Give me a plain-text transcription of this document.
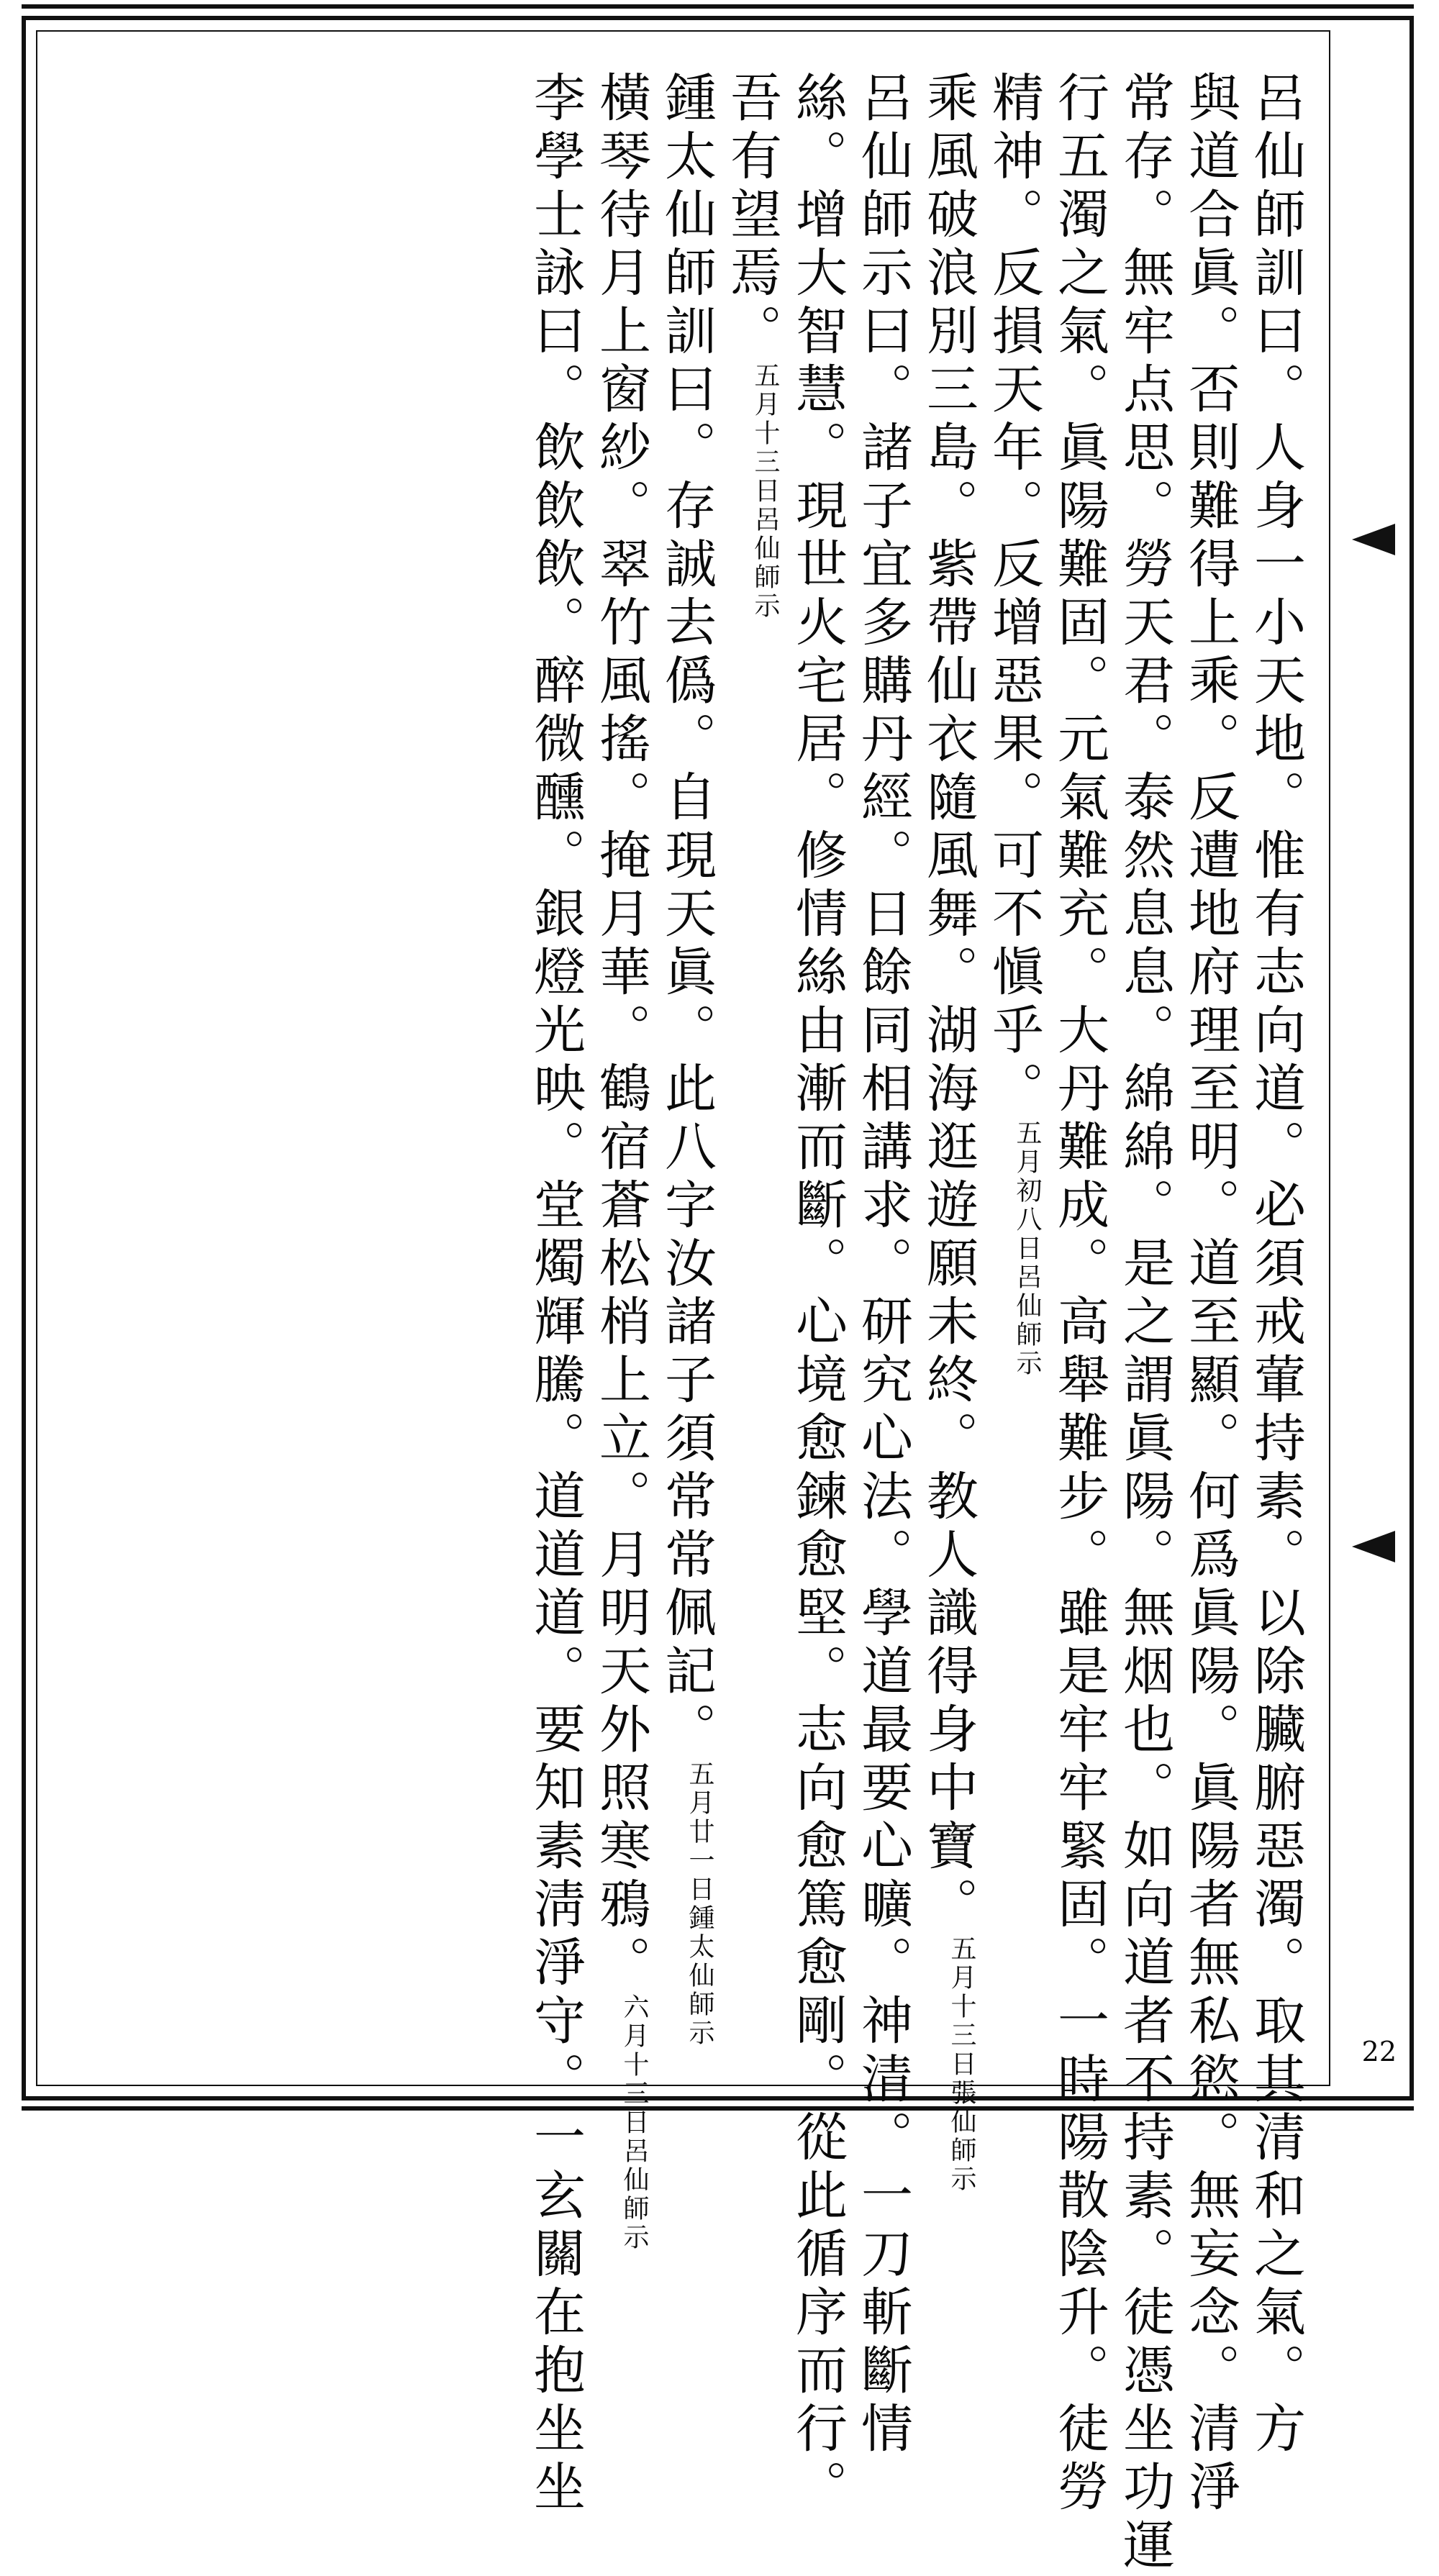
22
呂仙師訓曰。人身一小天地。惟有志向道。必須戒葷持素。以除臟腑惡濁。取其清和之氣。方
與道合眞。否則難得上乘。反遭地府理至明。道至顯。何爲眞陽。眞陽者無私慾。無妄念。清淨
常存。無牢点思。勞天君。泰然息息。綿綿。是之謂眞陽。無烟也。如向道者不持素。徒憑坐功運
行五濁之氣。眞陽難固。元氣難充。大丹難成。高舉難步。雖是牢牢緊固。一時陽散陰升。徒勞
精神。反損天年。反增惡果。可不愼乎。$^{五月初八日呂仙師示}$
乘風破浪別三島。紫帶仙衣隨風舞。湖海逛遊願未終。教人識得身中寶。$^{五月十三日張仙師示}$
呂仙師示曰。諸子宜多購丹經。日餘同相講求。研究心法。學道最要心曠。神清。一刀斬斷情
絲。增大智慧。現世火宅居。修情絲由漸而斷。心境愈鍊愈堅。志向愈篤愈剛。從此循序而行。
吾有望焉。$^{五月十三日呂仙師示}$
鍾太仙師訓曰。存誠去僞。自現天眞。此八字汝諸子須常常佩記。$^{五月廿一日鍾太仙師示}$
橫琴待月上窗紗。翠竹風搖。掩月華。鶴宿蒼松梢上立。月明天外照寒鴉。$^{六月十三日呂仙師示}$
李學士詠曰。飲飲飲。醉微醺。銀燈光映。堂燭輝騰。道道道。要知素淸淨守。一玄關在抱坐坐
